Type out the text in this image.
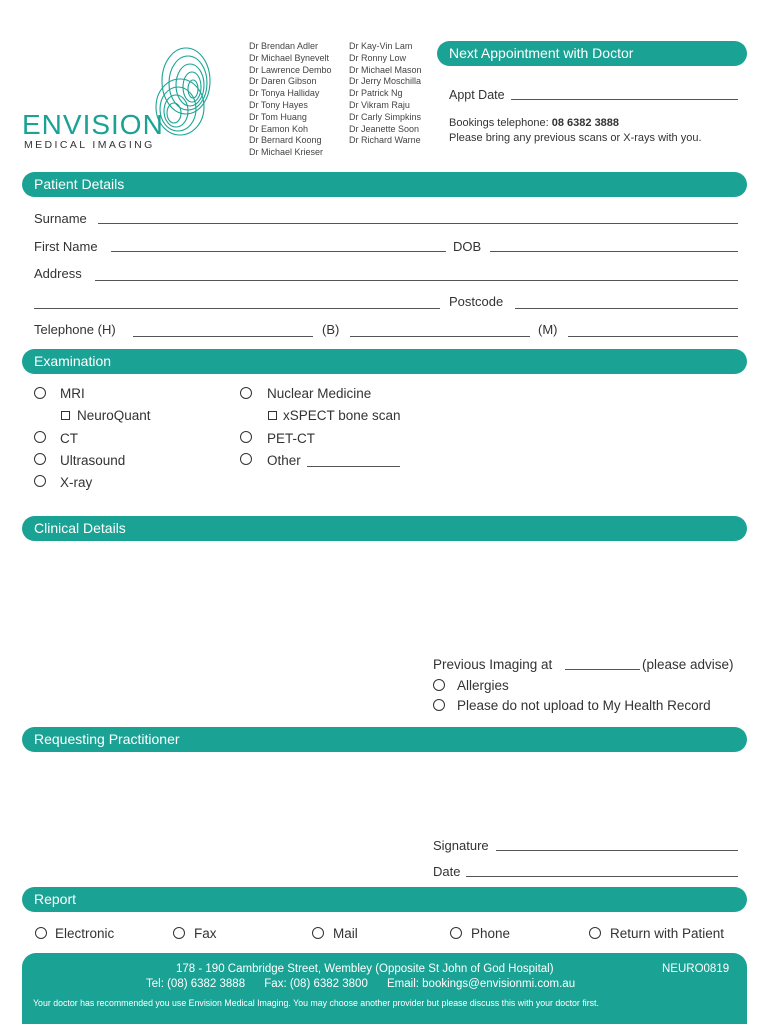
ENVISION
MEDICAL IMAGING
Dr Brendan Adler
Dr Michael Bynevelt
Dr Lawrence Dembo
Dr Daren Gibson
Dr Tonya Halliday
Dr Tony Hayes
Dr Tom Huang
Dr Eamon Koh
Dr Bernard Koong
Dr Michael Krieser
Dr Kay-Vin Lam
Dr Ronny Low
Dr Michael Mason
Dr Jerry Moschilla
Dr Patrick Ng
Dr Vikram Raju
Dr Carly Simpkins
Dr Jeanette Soon
Dr Richard Warne
Next Appointment with Doctor
Appt Date
Bookings telephone: 08 6382 3888
Please bring any previous scans or X-rays with you.
Patient Details
Surname
First Name	DOB
Address
Postcode
Telephone (H)	(B)	(M)
Examination
MRI
NeuroQuant
CT
Ultrasound
X-ray
Nuclear Medicine
xSPECT bone scan
PET-CT
Other
Clinical Details
Previous Imaging at	(please advise)
Allergies
Please do not upload to My Health Record
Requesting Practitioner
Signature
Date
Report
Electronic	Fax	Mail	Phone	Return with Patient
178 - 190 Cambridge Street, Wembley (Opposite St John of God Hospital)	NEURO0819
Tel: (08) 6382 3888      Fax: (08) 6382 3800      Email: bookings@envisionmi.com.au
Your doctor has recommended you use Envision Medical Imaging. You may choose another provider but please discuss this with your doctor first.
